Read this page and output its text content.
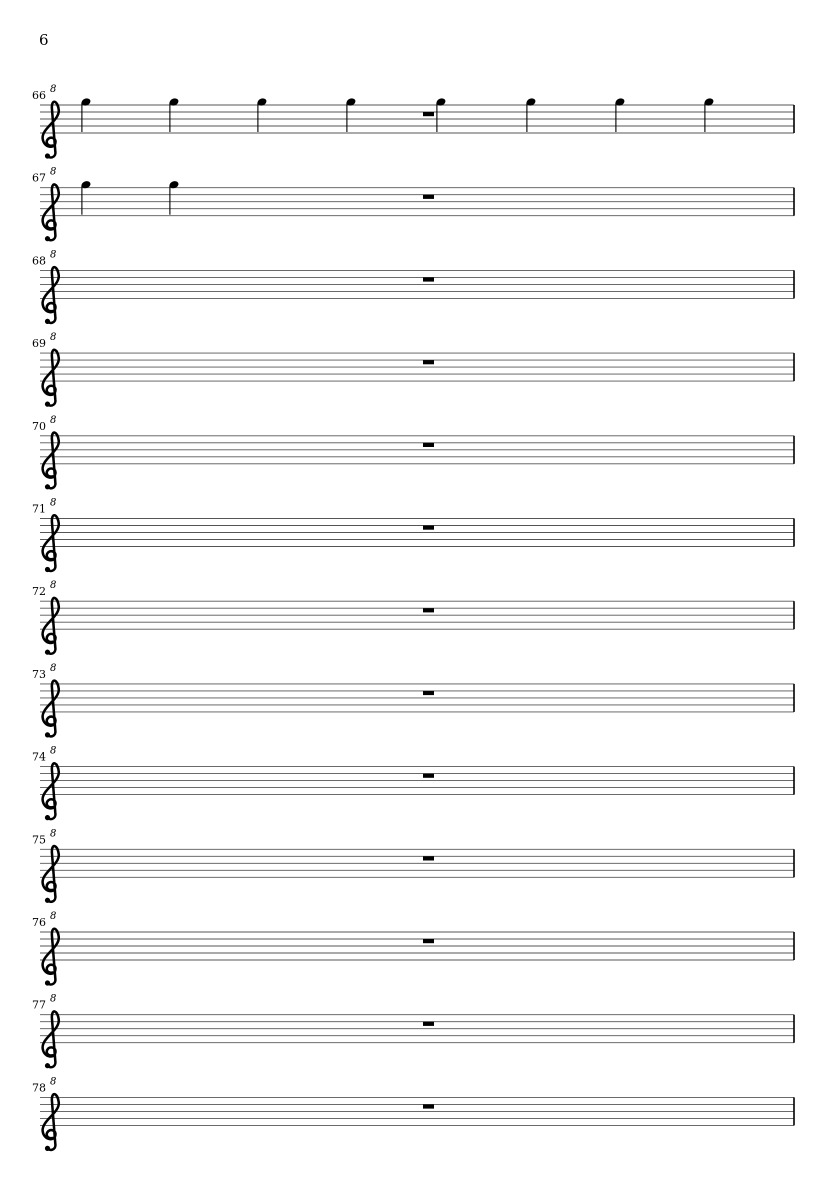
6
66 8
67 8
68 8
69 8
70 8
71 8
72 8
73 8
74 8
75 8
76 8
77 8
78 8
